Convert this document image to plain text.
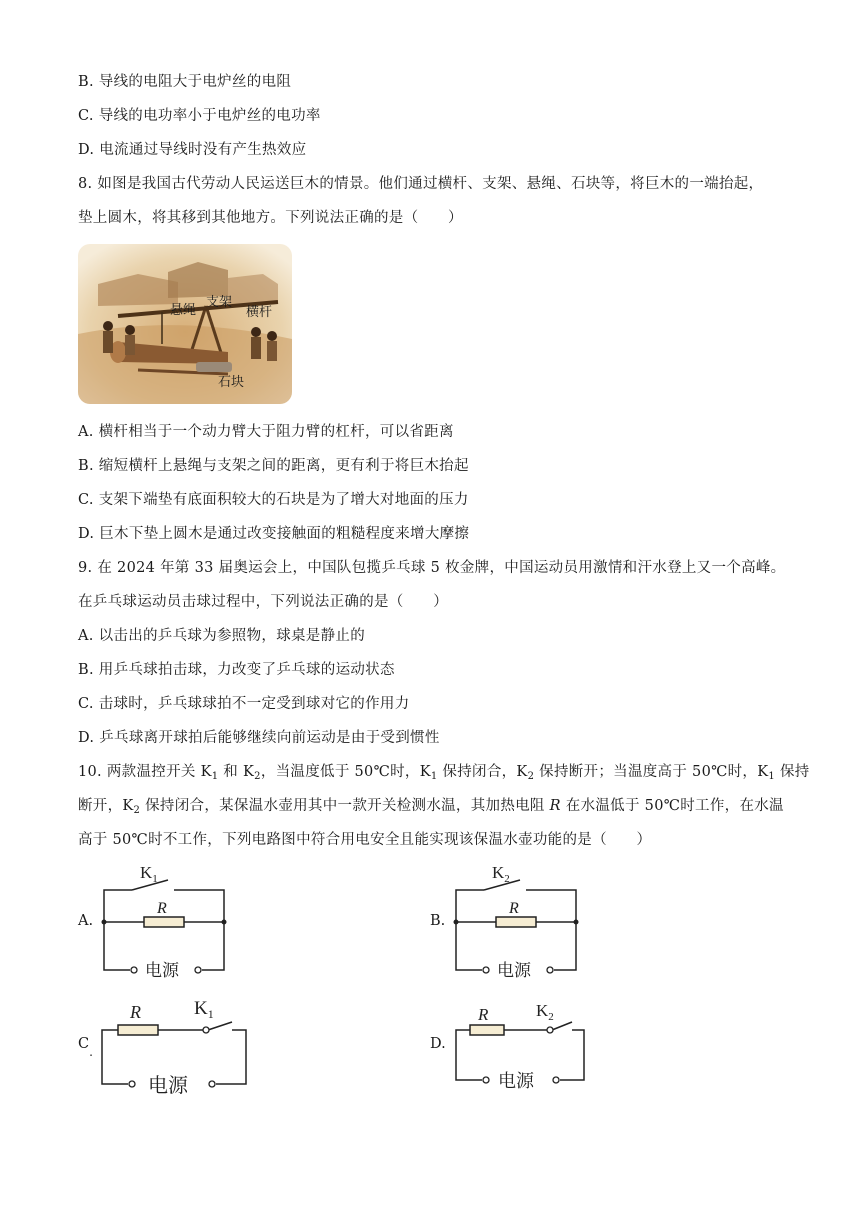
B. 导线的电阻大于电炉丝的电阻
C. 导线的电功率小于电炉丝的电功率
D. 电流通过导线时没有产生热效应
8. 如图是我国古代劳动人民运送巨木的情景。他们通过横杆、支架、悬绳、石块等，将巨木的一端抬起，
垫上圆木，将其移到其他地方。下列说法正确的是（　　）
悬绳
支架
横杆
石块
A. 横杆相当于一个动力臂大于阻力臂的杠杆，可以省距离
B. 缩短横杆上悬绳与支架之间的距离，更有利于将巨木抬起
C. 支架下端垫有底面积较大的石块是为了增大对地面的压力
D. 巨木下垫上圆木是通过改变接触面的粗糙程度来增大摩擦
9. 在 2024 年第 33 届奥运会上，中国队包揽乒乓球 5 枚金牌，中国运动员用激情和汗水登上又一个高峰。
在乒乓球运动员击球过程中，下列说法正确的是（　　）
A. 以击出的乒乓球为参照物，球桌是静止的
B. 用乒乓球拍击球，力改变了乒乓球的运动状态
C. 击球时，乒乓球球拍不一定受到球对它的作用力
D. 乒乓球离开球拍后能够继续向前运动是由于受到惯性
10. 两款温控开关 $K_1$ 和 $K_2$，当温度低于 50℃时，$K_1$ 保持闭合，$K_2$ 保持断开；当温度高于 50℃时，$K_1$ 保持
断开，$K_2$ 保持闭合，某保温水壶用其中一款开关检测水温，其加热电阻 R 在水温低于 50℃时工作，在水温
高于 50℃时不工作，下列电路图中符合用电安全且能实现该保温水壶功能的是（　　）
A.
$K_1$
R
电源
B.
$K_2$
R
电源
$C_.$
R	$K_1$
电源
D.
R	$K_2$
电源
